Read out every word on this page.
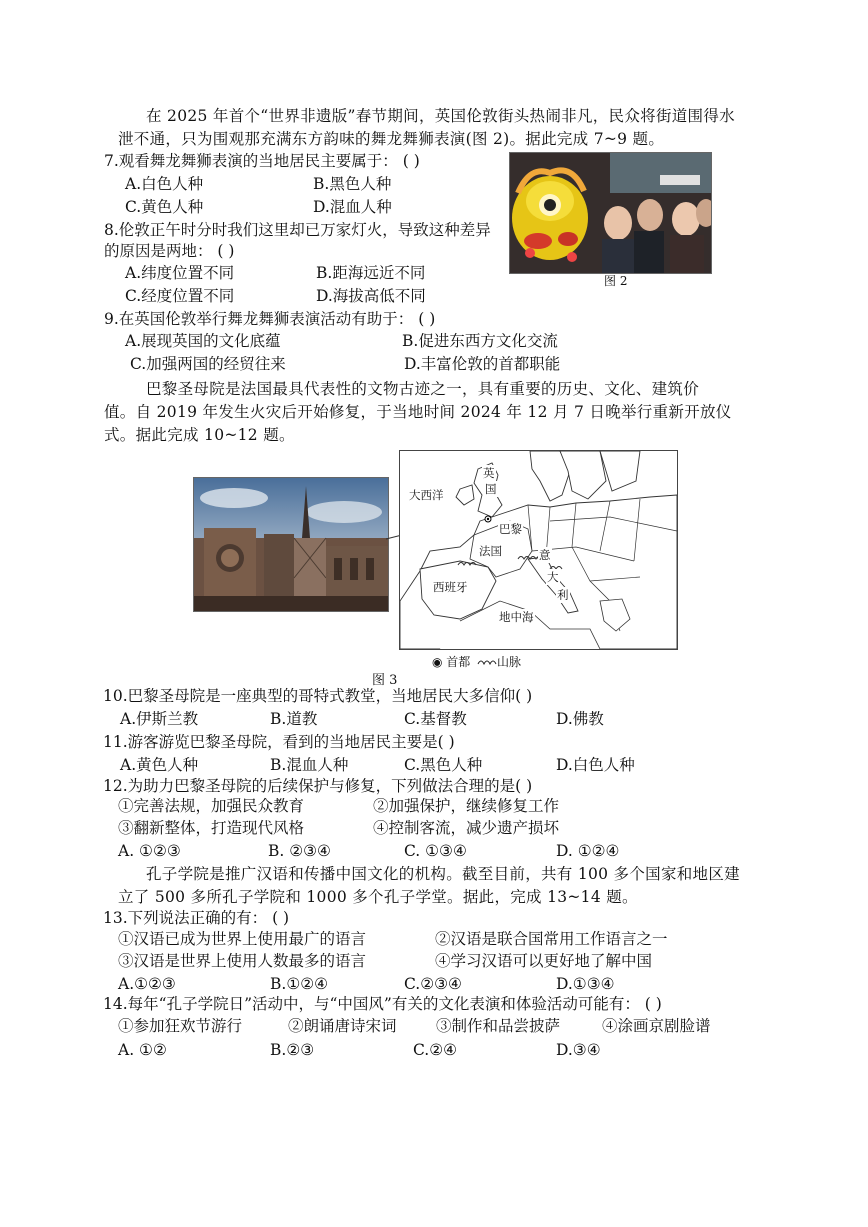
在 2025 年首个“世界非遗版”春节期间，英国伦敦街头热闹非凡，民众将街道围得水
泄不通，只为围观那充满东方韵味的舞龙舞狮表演(图 2)。据此完成 7~9 题。
7.观看舞龙舞狮表演的当地居民主要属于： ( )
A.白色人种	B.黑色人种
C.黄色人种	D.混血人种
8.伦敦正午时分时我们这里却已万家灯火，导致这种差异
的原因是两地： ( )
A.纬度位置不同	B.距海远近不同
C.经度位置不同	D.海拔高低不同
图 2
9.在英国伦敦举行舞龙舞狮表演活动有助于： ( )
A.展现英国的文化底蕴	B.促进东西方文化交流
C.加强两国的经贸往来	D.丰富伦敦的首都职能
巴黎圣母院是法国最具代表性的文物古迹之一，具有重要的历史、文化、建筑价
值。自 2019 年发生火灾后开始修复，于当地时间 2024 年 12 月 7 日晚举行重新开放仪
式。据此完成 10~12 题。
大西洋
英
国
巴黎
法国	意
大
利
西班牙
地中海
◉ 首都 山脉
图 3
10.巴黎圣母院是一座典型的哥特式教堂，当地居民大多信仰( )
A.伊斯兰教	B.道教	C.基督教	D.佛教
11.游客游览巴黎圣母院，看到的当地居民主要是( )
A.黄色人种	B.混血人种	C.黑色人种	D.白色人种
12.为助力巴黎圣母院的后续保护与修复，下列做法合理的是( )
①完善法规，加强民众教育	②加强保护，继续修复工作
③翻新整体，打造现代风格	④控制客流，减少遗产损坏
A. ①②③	B. ②③④	C. ①③④	D. ①②④
孔子学院是推广汉语和传播中国文化的机构。截至目前，共有 100 多个国家和地区建
立了 500 多所孔子学院和 1000 多个孔子学堂。据此，完成 13~14 题。
13.下列说法正确的有： ( )
①汉语已成为世界上使用最广的语言	②汉语是联合国常用工作语言之一
③汉语是世界上使用人数最多的语言	④学习汉语可以更好地了解中国
A.①②③	B.①②④	C.②③④	D.①③④
14.每年“孔子学院日”活动中，与“中国风”有关的文化表演和体验活动可能有： ( )
①参加狂欢节游行	②朗诵唐诗宋词	③制作和品尝披萨	④涂画京剧脸谱
A. ①②	B.②③	C.②④	D.③④
